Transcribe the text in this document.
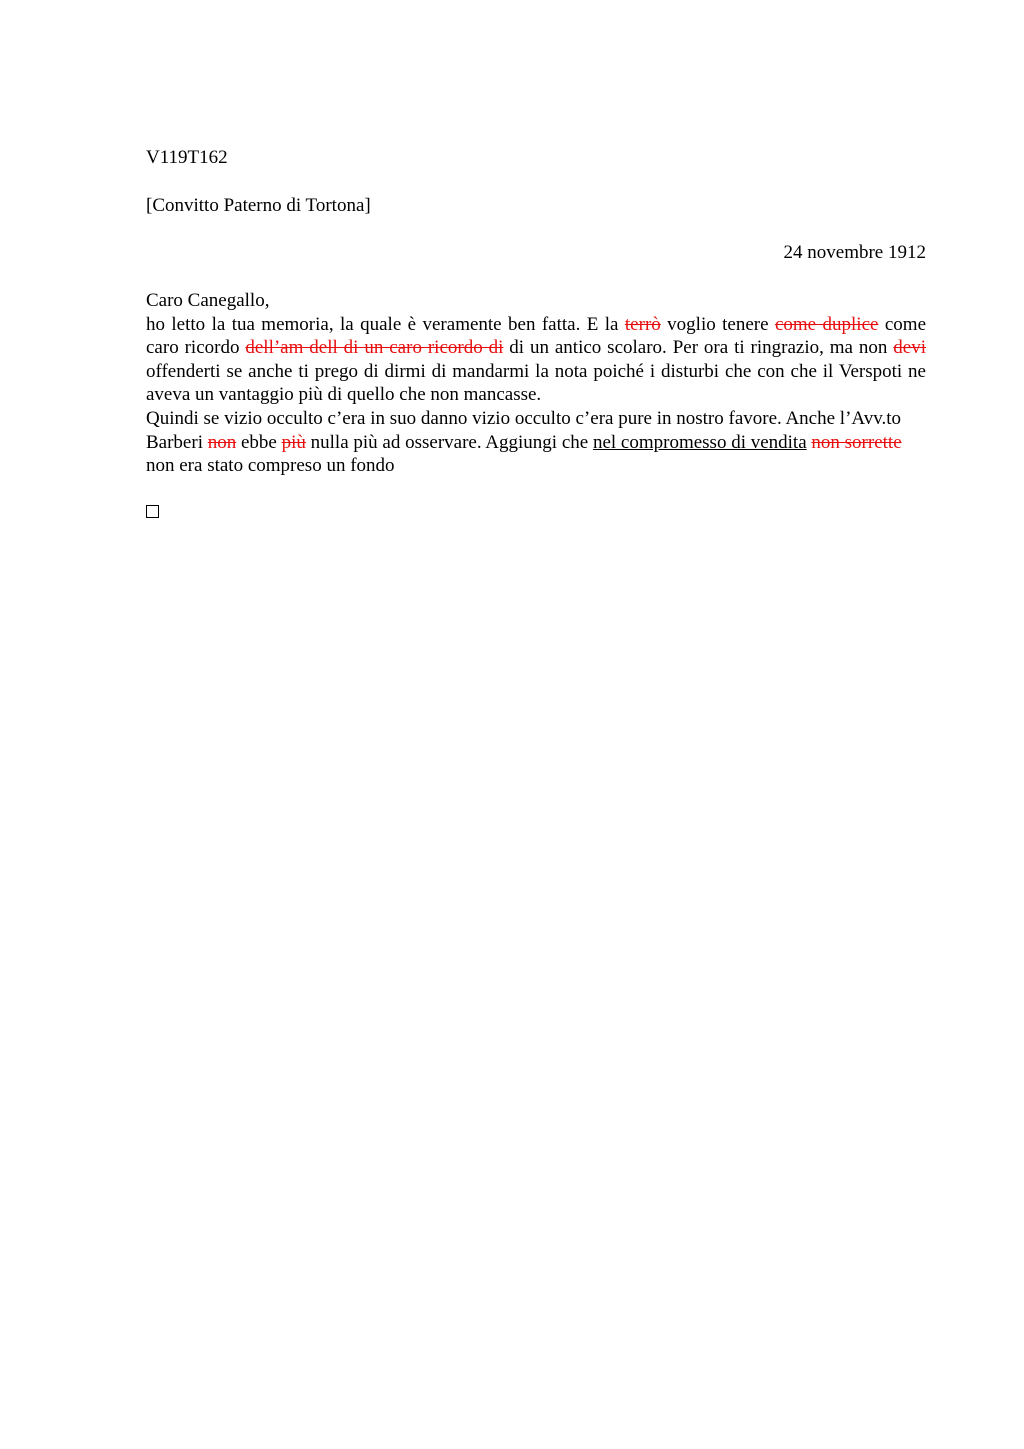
V119T162
[Convitto Paterno di Tortona]
24 novembre 1912

Caro Canegallo,

ho letto la tua memoria, la quale è veramente ben fatta. E la terrò voglio tenere come duplice come caro ricordo dell’am dell di un caro ricordo di di un antico scolaro. Per ora ti ringrazio, ma non devi offenderti se anche ti prego di dirmi di mandarmi la nota poiché i disturbi che con che il Verspoti ne aveva un vantaggio più di quello che non mancasse.

Quindi se vizio occulto c’era in suo danno vizio occulto c’era pure in nostro favore. Anche l’Avv.to Barberi non ebbe più nulla più ad osservare. Aggiungi che nel compromesso di vendita non sorrette non era stato compreso un fondo
